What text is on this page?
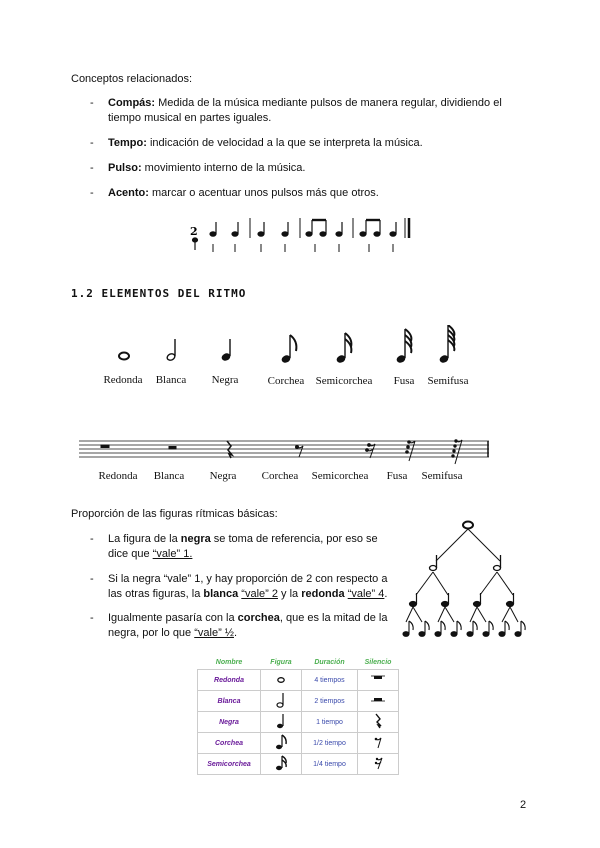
Conceptos relacionados:
- Compás: Medida de la música mediante pulsos de manera regular, dividiendo el
tiempo musical en partes iguales.
- Tempo: indicación de velocidad a la que se interpreta la música.
- Pulso: movimiento interno de la música.
- Acento: marcar o acentuar unos pulsos más que otros.
2
1.2 ELEMENTOS DEL RITMO
Redonda	Blanca	Negra	Corchea	Semicorchea	Fusa	Semifusa
Redonda	Blanca	Negra	Corchea	Semicorchea	Fusa	Semifusa
Proporción de las figuras rítmicas básicas:
- La figura de la negra se toma de referencia, por eso se
dice que “vale” 1.
- Si la negra “vale” 1, y hay proporción de 2 con respecto a
las otras figuras, la blanca “vale” 2 y la redonda “vale” 4.
- Igualmente pasaría con la corchea, que es la mitad de la
negra, por lo que “vale” ½.
Nombre	Figura	Duración	Silencio
Redonda		4 tiempos	
Blanca		2 tiempos	
Negra		1 tiempo	
Corchea		1/2 tiempo	
Semicorchea		1/4 tiempo	
2
